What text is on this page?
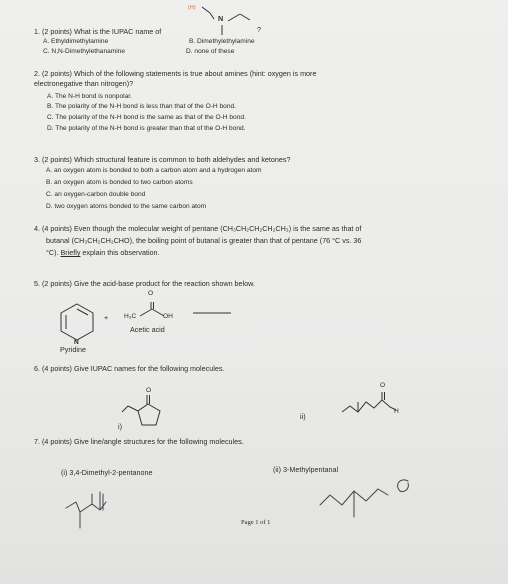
1. (2 points) What is the IUPAC name of	?
N
(H)
A. Ethyldimethylamine	B. Dimethylethylamine
C. N,N-Dimethylethanamine	D. none of these
2. (2 points) Which of the following statements is true about amines (hint: oxygen is more
electronegative than nitrogen)?
A. The N-H bond is nonpolar.
B. The polarity of the N-H bond is less than that of the O-H bond.
C. The polarity of the N-H bond is the same as that of the O-H bond.
D. The polarity of the N-H bond is greater than that of the O-H bond.
3. (2 points) Which structural feature is common to both aldehydes and ketones?
A. an oxygen atom is bonded to both a carbon atom and a hydrogen atom
B. an oxygen atom is bonded to two carbon atoms
C. an oxygen-carbon double bond
D. two oxygen atoms bonded to the same carbon atom
4. (4 points) Even though the molecular weight of pentane (CH₃CH₂CH₂CH₂CH₃) is the same as that of
butanal (CH₃CH₂CH₂CHO), the boiling point of butanal is greater than that of pentane (76 °C vs. 36
°C). Briefly explain this observation.
5. (2 points) Give the acid-base product for the reaction shown below.
N
+
O
H₃C	OH
Acetic acid
Pyridine
6. (4 points) Give IUPAC names for the following molecules.
O
i)
ii)
O
H
7. (4 points) Give line/angle structures for the following molecules.
(i) 3,4-Dimethyl-2-pentanone	(ii) 3-Methylpentanal
Page 1 of 1
